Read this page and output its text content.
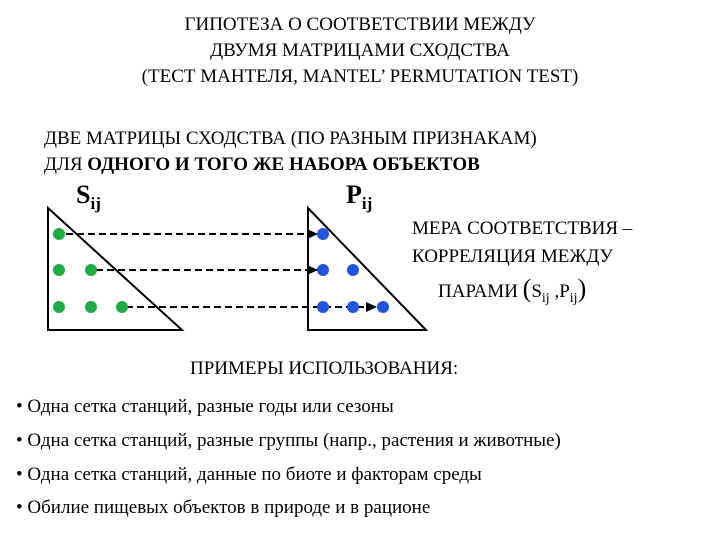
ГИПОТЕЗА О СООТВЕТСТВИИ МЕЖДУ
ДВУМЯ МАТРИЦАМИ СХОДСТВА
(ТЕСТ МАНТЕЛЯ, MANTEL’ PERMUTATION TEST)
ДВЕ МАТРИЦЫ СХОДСТВА (ПО РАЗНЫМ ПРИЗНАКАМ)
ДЛЯ ОДНОГО И ТОГО ЖЕ НАБОРА ОБЪЕКТОВ
$S_{ij}$	$P_{ij}$
МЕРА СООТВЕТСТВИЯ –
КОРРЕЛЯЦИЯ МЕЖДУ
ПАРАМИ ($S_{ij}$ $,P_{ij}$)
ПРИМЕРЫ ИСПОЛЬЗОВАНИЯ:
• Одна сетка станций, разные годы или сезоны
• Одна сетка станций, разные группы (напр., растения и животные)
• Одна сетка станций, данные по биоте и факторам среды
• Обилие пищевых объектов в природе и в рационе
